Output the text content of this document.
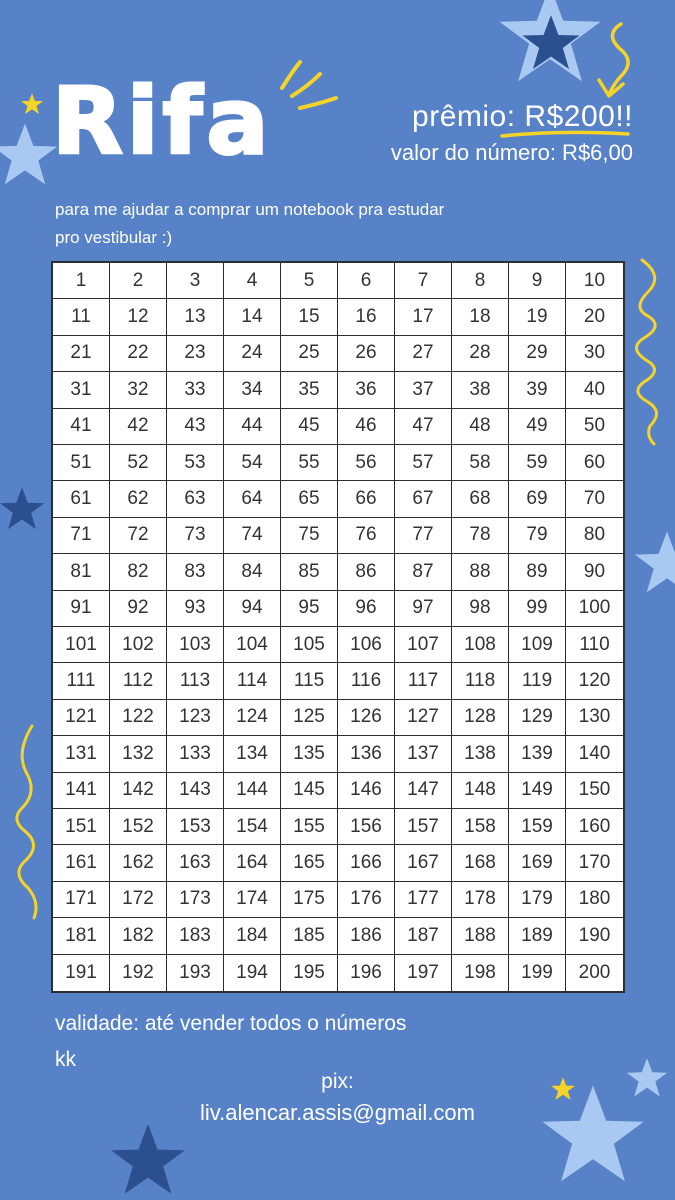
Rifa	prêmio: R$200!!
valor do número: R$6,00
para me ajudar a comprar um notebook pra estudar
pro vestibular :)
1	2	3	4	5	6	7	8	9	10
11	12	13	14	15	16	17	18	19	20
21	22	23	24	25	26	27	28	29	30
31	32	33	34	35	36	37	38	39	40
41	42	43	44	45	46	47	48	49	50
51	52	53	54	55	56	57	58	59	60
61	62	63	64	65	66	67	68	69	70
71	72	73	74	75	76	77	78	79	80
81	82	83	84	85	86	87	88	89	90
91	92	93	94	95	96	97	98	99	100
101	102	103	104	105	106	107	108	109	110
111	112	113	114	115	116	117	118	119	120
121	122	123	124	125	126	127	128	129	130
131	132	133	134	135	136	137	138	139	140
141	142	143	144	145	146	147	148	149	150
151	152	153	154	155	156	157	158	159	160
161	162	163	164	165	166	167	168	169	170
171	172	173	174	175	176	177	178	179	180
181	182	183	184	185	186	187	188	189	190
191	192	193	194	195	196	197	198	199	200
validade: até vender todos o números
kk
pix:
liv.alencar.assis@gmail.com
